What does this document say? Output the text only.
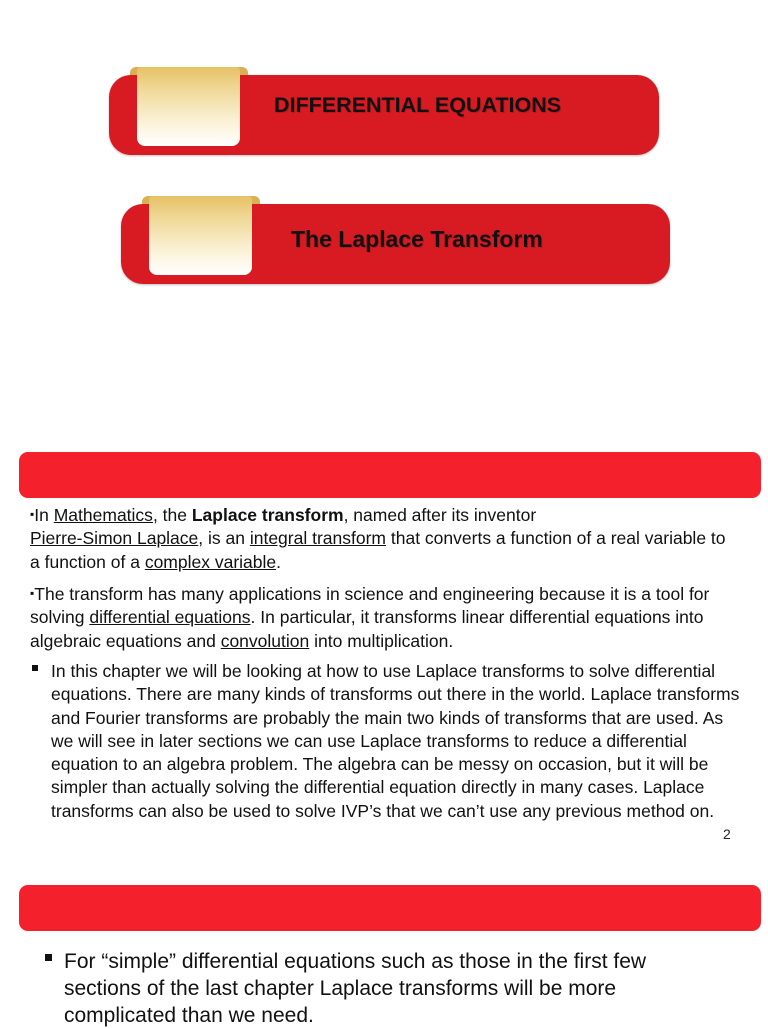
DIFFERENTIAL EQUATIONS
The Laplace Transform
▪In Mathematics, the Laplace transform, named after its inventor
Pierre-Simon Laplace, is an integral transform that converts a function of a real variable to a function of a complex variable.
▪The transform has many applications in science and engineering because it is a tool for solving differential equations. In particular, it transforms linear differential equations into algebraic equations and convolution into multiplication.
In this chapter we will be looking at how to use Laplace transforms to solve differential equations. There are many kinds of transforms out there in the world. Laplace transforms and Fourier transforms are probably the main two kinds of transforms that are used. As we will see in later sections we can use Laplace transforms to reduce a differential equation to an algebra problem. The algebra can be messy on occasion, but it will be simpler than actually solving the differential equation directly in many cases. Laplace transforms can also be used to solve IVP’s that we can’t use any previous method on.
2
For “simple” differential equations such as those in the first few sections of the last chapter Laplace transforms will be more complicated than we need.
